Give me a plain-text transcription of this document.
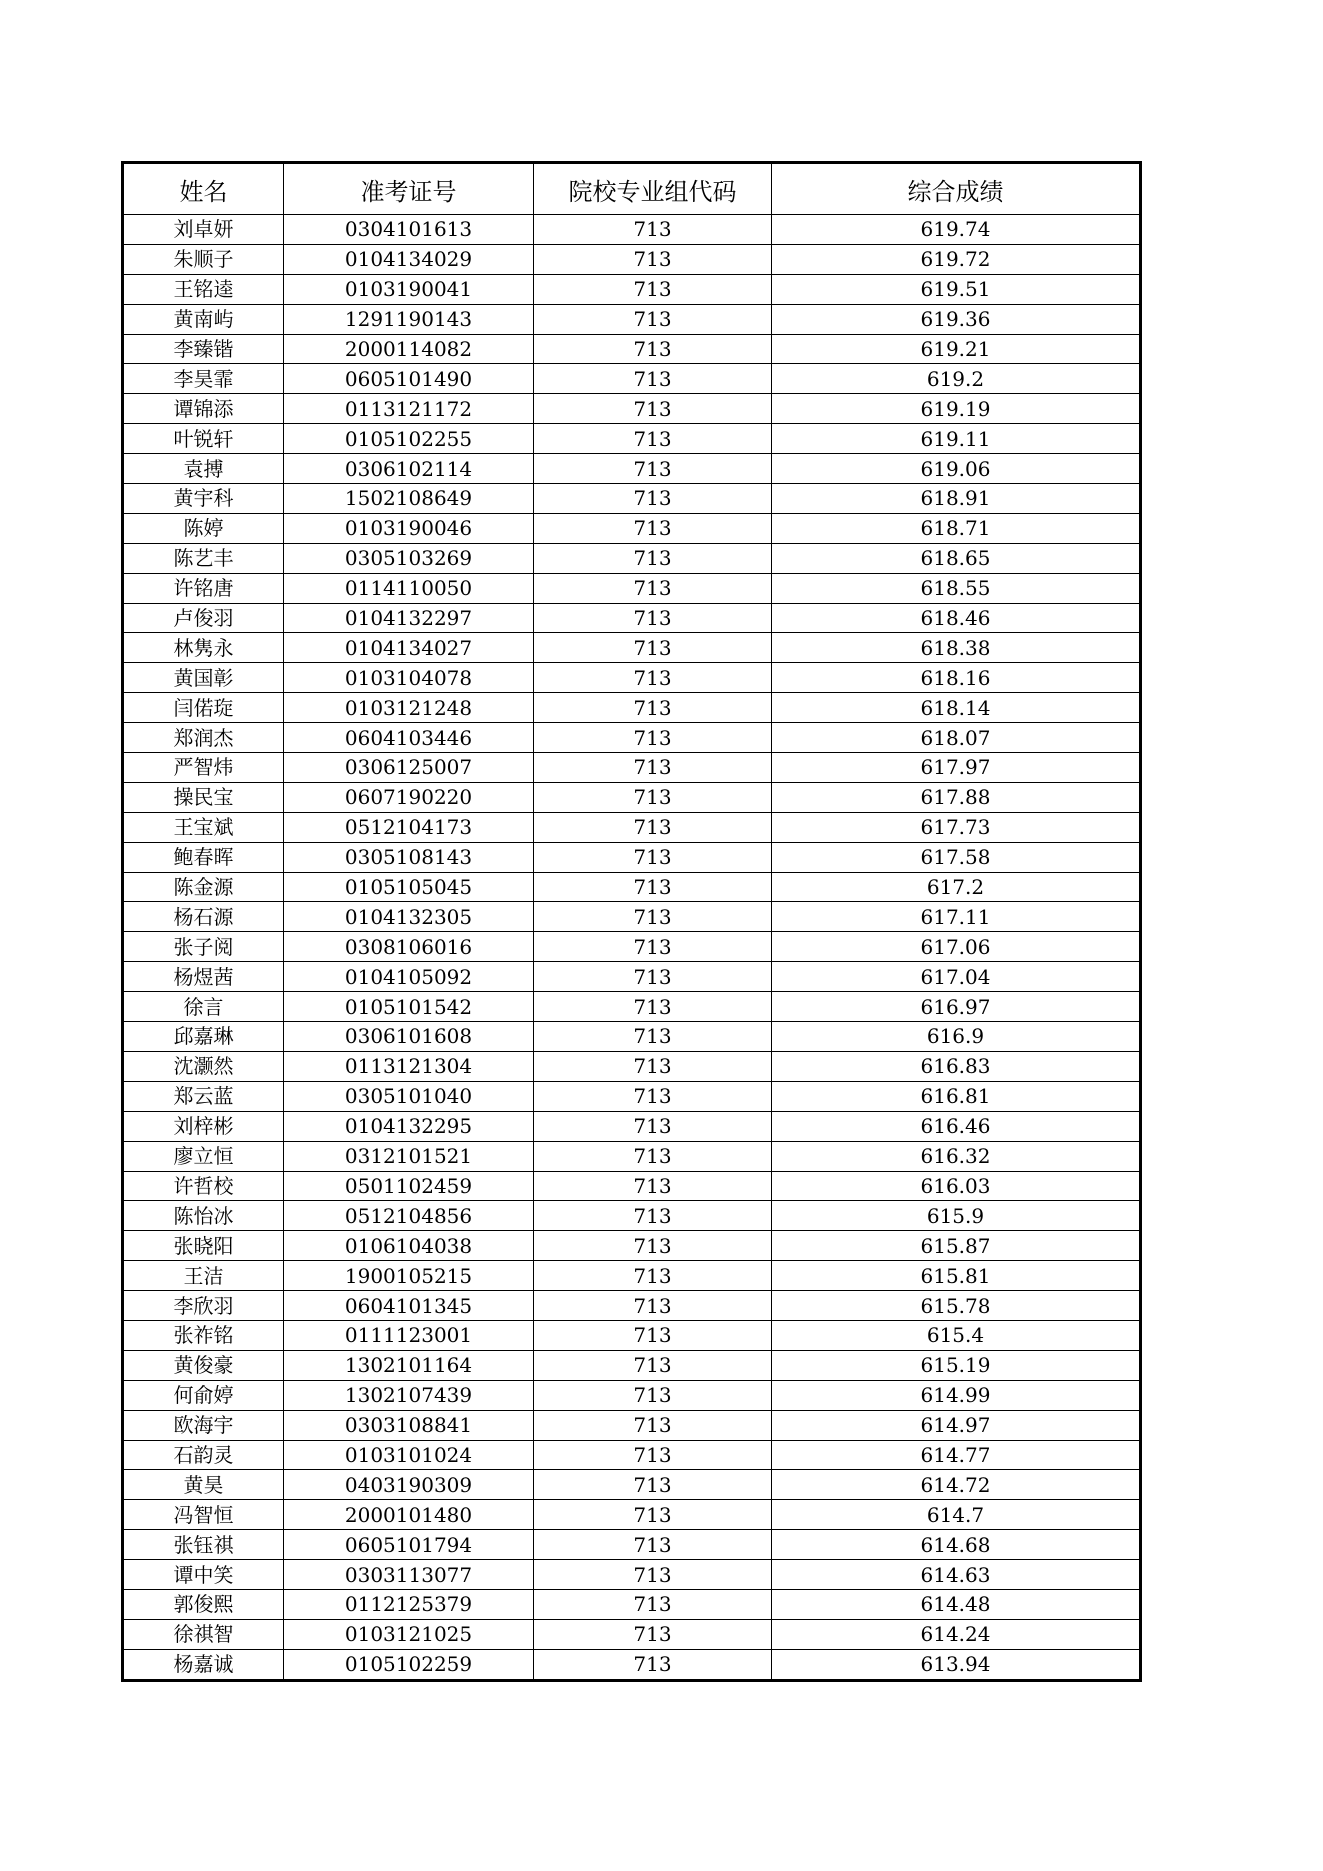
姓名	准考证号	院校专业组代码	综合成绩
刘卓妍	0304101613	713	619.74
朱顺子	0104134029	713	619.72
王铭逵	0103190041	713	619.51
黄南屿	1291190143	713	619.36
李臻锴	2000114082	713	619.21
李昊霏	0605101490	713	619.2
谭锦添	0113121172	713	619.19
叶锐轩	0105102255	713	619.11
袁搏	0306102114	713	619.06
黄宇科	1502108649	713	618.91
陈婷	0103190046	713	618.71
陈艺丰	0305103269	713	618.65
许铭唐	0114110050	713	618.55
卢俊羽	0104132297	713	618.46
林隽永	0104134027	713	618.38
黄国彰	0103104078	713	618.16
闫偌琁	0103121248	713	618.14
郑润杰	0604103446	713	618.07
严智炜	0306125007	713	617.97
操民宝	0607190220	713	617.88
王宝斌	0512104173	713	617.73
鲍春晖	0305108143	713	617.58
陈金源	0105105045	713	617.2
杨石源	0104132305	713	617.11
张子阅	0308106016	713	617.06
杨煜茜	0104105092	713	617.04
徐言	0105101542	713	616.97
邱嘉琳	0306101608	713	616.9
沈灏然	0113121304	713	616.83
郑云蓝	0305101040	713	616.81
刘梓彬	0104132295	713	616.46
廖立恒	0312101521	713	616.32
许哲校	0501102459	713	616.03
陈怡冰	0512104856	713	615.9
张晓阳	0106104038	713	615.87
王洁	1900105215	713	615.81
李欣羽	0604101345	713	615.78
张祚铭	0111123001	713	615.4
黄俊豪	1302101164	713	615.19
何俞婷	1302107439	713	614.99
欧海宇	0303108841	713	614.97
石韵灵	0103101024	713	614.77
黄昊	0403190309	713	614.72
冯智恒	2000101480	713	614.7
张钰祺	0605101794	713	614.68
谭中笑	0303113077	713	614.63
郭俊熙	0112125379	713	614.48
徐祺智	0103121025	713	614.24
杨嘉诚	0105102259	713	613.94
